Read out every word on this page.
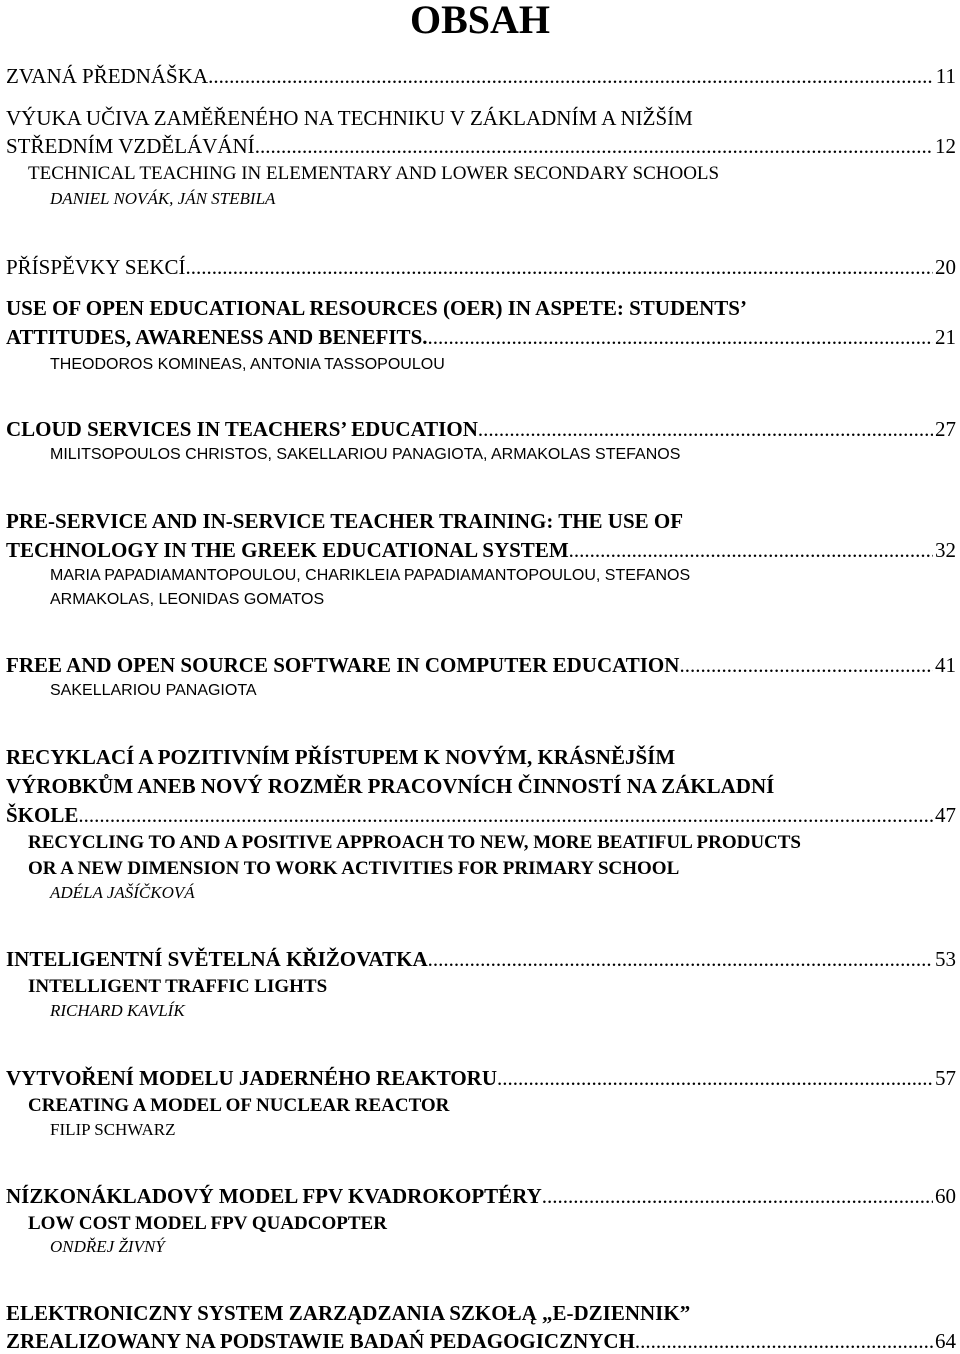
OBSAH
ZVANÁ PŘEDNÁŠKA .....	11
VÝUKA UČIVA ZAMĚŘENÉHO NA TECHNIKU V ZÁKLADNÍM A NIŽŠÍM
STŘEDNÍM VZDĚLÁVÁNÍ .....	12
TECHNICAL TEACHING IN ELEMENTARY AND LOWER SECONDARY SCHOOLS
DANIEL NOVÁK, JÁN STEBILA
PŘÍSPĚVKY SEKCÍ .....	20
USE OF OPEN EDUCATIONAL RESOURCES (OER) IN ASPETE: STUDENTS’
ATTITUDES, AWARENESS AND BENEFITS. .....	21
THEODOROS KOMINEAS, ANTONIA TASSOPOULOU
CLOUD SERVICES IN TEACHERS’ EDUCATION .....	27
MILITSOPOULOS CHRISTOS, SAKELLARIOU PANAGIOTA, ARMAKOLAS STEFANOS
PRE-SERVICE AND IN-SERVICE TEACHER TRAINING: THE USE OF
TECHNOLOGY IN THE GREEK EDUCATIONAL SYSTEM .....	32
MARIA PAPADIAMANTOPOULOU, CHARIKLEIA PAPADIAMANTOPOULOU, STEFANOS
ARMAKOLAS, LEONIDAS GOMATOS
FREE AND OPEN SOURCE SOFTWARE IN COMPUTER EDUCATION .....	41
SAKELLARIOU PANAGIOTA
RECYKLACÍ A POZITIVNÍM PŘÍSTUPEM K NOVÝM, KRÁSNĚJŠÍM
VÝROBKŮM ANEB NOVÝ ROZMĚR PRACOVNÍCH ČINNOSTÍ NA ZÁKLADNÍ
ŠKOLE .....	47
RECYCLING TO AND A POSITIVE APPROACH TO NEW, MORE BEATIFUL PRODUCTS
OR A NEW DIMENSION TO WORK ACTIVITIES FOR PRIMARY SCHOOL
ADÉLA JAŠÍČKOVÁ
INTELIGENTNÍ SVĚTELNÁ KŘIŽOVATKA .....	53
INTELLIGENT TRAFFIC LIGHTS
RICHARD KAVLÍK
VYTVOŘENÍ MODELU JADERNÉHO REAKTORU .....	57
CREATING A MODEL OF NUCLEAR REACTOR
FILIP SCHWARZ
NÍZKONÁKLADOVÝ MODEL FPV KVADROKOPTÉRY .....	60
LOW COST MODEL FPV QUADCOPTER
ONDŘEJ ŽIVNÝ
ELEKTRONICZNY SYSTEM ZARZĄDZANIA SZKOŁĄ „E-DZIENNIK”
ZREALIZOWANY NA PODSTAWIE BADAŃ PEDAGOGICZNYCH .....	64
